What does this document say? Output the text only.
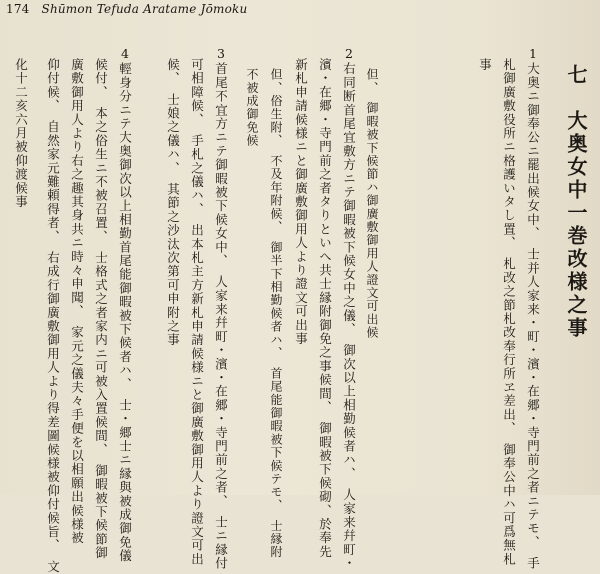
174 Shūmon Tefuda Aratame Jōmoku
七　大奥女中一巻改様之事
1大奥ニ御奉公ニ罷出候女中、　士并人家来・町・濱・在郷・寺門前之者ニテモ、　手
札御廣敷役所ニ格護いタし置、　札改之節札改奉行所ヱ差出、　御奉公中ハ可爲無札
事
但、　御暇被下候節ハ御廣敷御用人證文可出候
2右同断首尾宜敷方ニテ御暇被下候女中之儀、　御次以上相勤候者ハ、　人家来幷町・
濱・在郷・寺門前之者タりといへ共士縁附御免之事候間、　御暇被下候砌、於奉先
新札申請候様ニと御廣敷御用人より證文可出事
但、俗生附、　不及年附候、　御半下相勤候者ハ、　首尾能御暇被下候テモ、　士縁附
不被成御免候
3首尾不宜方ニテ御暇被下候女中、　人家来幷町・濱・在郷・寺門前之者、　士ニ縁付
可相障候、　手札之儀ハ、　出本札主方新札申請候様ニと御廣敷御用人より證文可出
候、　士娘之儀ハ、　其節之沙汰次第可申附之事
4輕身分ニテ大奥御次以上相勤首尾能御暇被下候者ハ、　士・郷士ニ縁與被成御免儀
候付、　本之俗生ニ不被召置、　士格式之者家内ニ可被入置候間、　御暇被下候節御
廣敷御用人より右之趣其身共ニ時々申聞、　家元之儀夫々手便を以相願出候様被
仰付候、　自然家元難頼得者、　右成行御廣敷御用人より得差圖候様被仰付候旨、　文
化十二亥六月被仰渡候事
